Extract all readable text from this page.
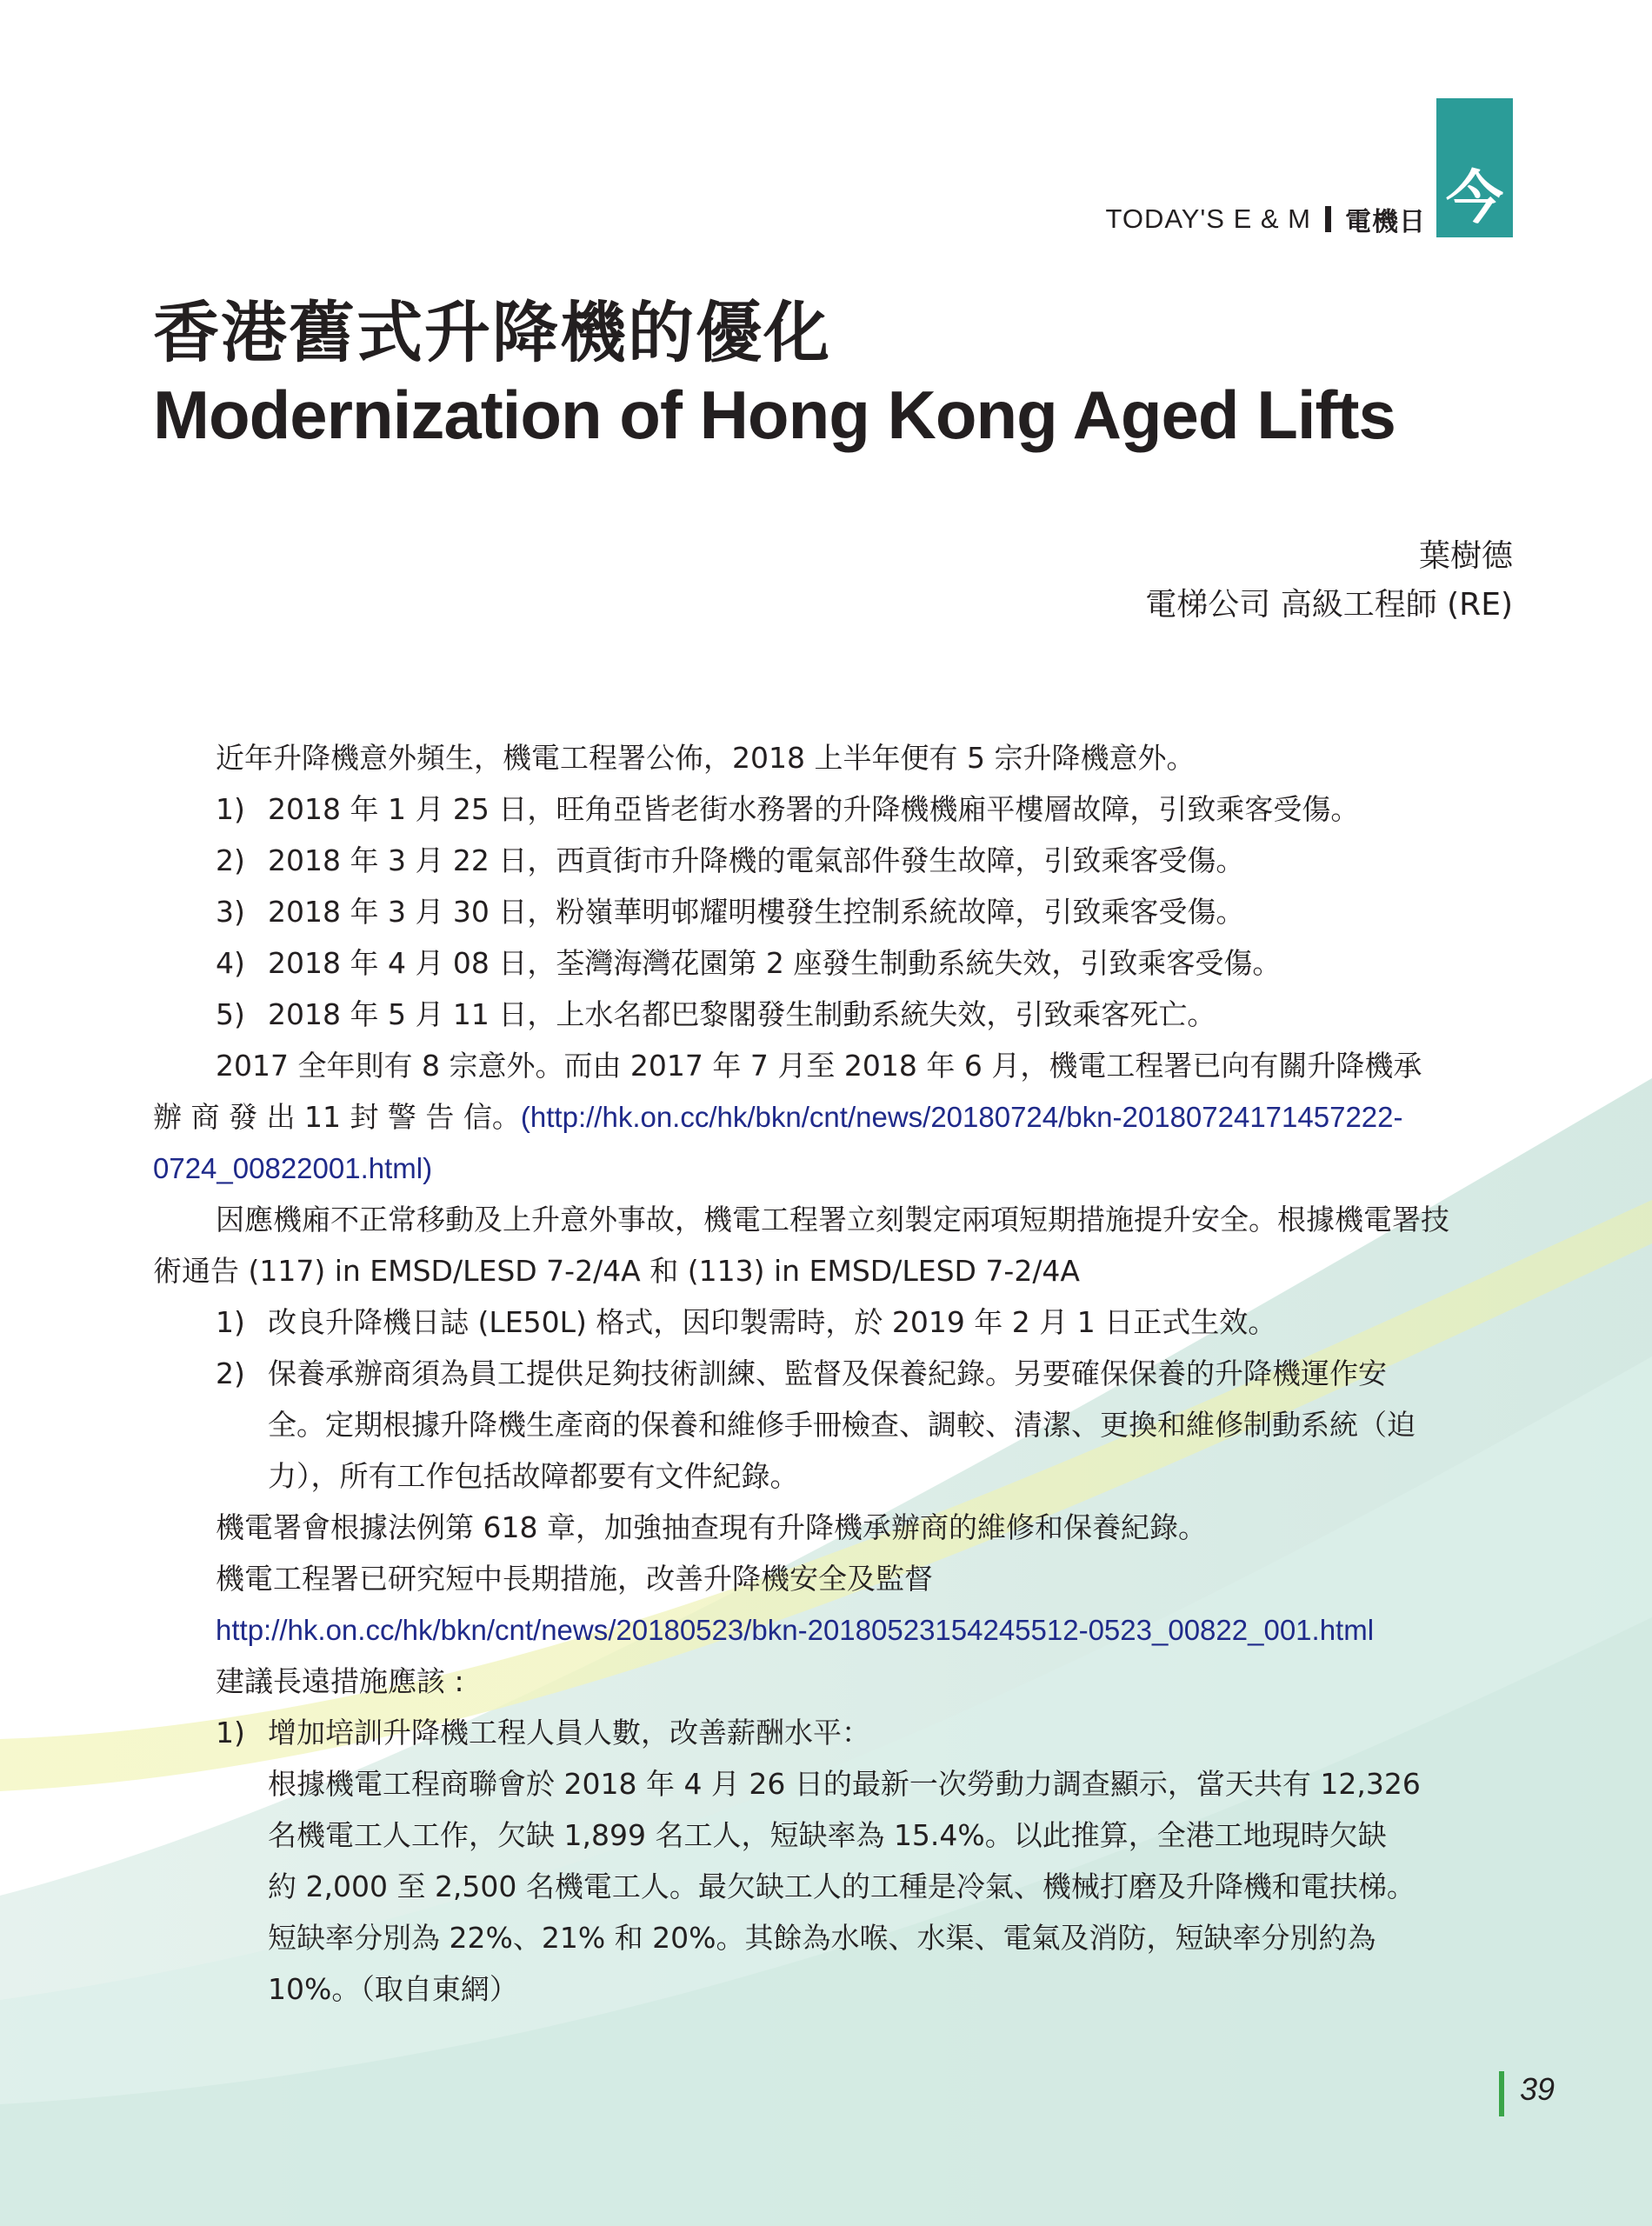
今
TODAY'S E & M 電機日
香港舊式升降機的優化
Modernization of Hong Kong Aged Lifts
葉樹德
電梯公司 高級工程師 (RE)

近年升降機意外頻生，機電工程署公佈，2018 上半年便有 5 宗升降機意外。

1) 2018 年 1 月 25 日，旺角亞皆老街水務署的升降機機廂平樓層故障，引致乘客受傷。

2) 2018 年 3 月 22 日，西貢街市升降機的電氣部件發生故障，引致乘客受傷。

3) 2018 年 3 月 30 日，粉嶺華明邨耀明樓發生控制系統故障，引致乘客受傷。

4) 2018 年 4 月 08 日，荃灣海灣花園第 2 座發生制動系統失效，引致乘客受傷。

5) 2018 年 5 月 11 日，上水名都巴黎閣發生制動系統失效，引致乘客死亡。

2017 全年則有 8 宗意外。而由 2017 年 7 月至 2018 年 6 月，機電工程署已向有關升降機承

辦 商 發 出 11 封 警 告 信。(http://hk.on.cc/hk/bkn/cnt/news/20180724/bkn-20180724171457222-

0724_00822001.html)

因應機廂不正常移動及上升意外事故，機電工程署立刻製定兩項短期措施提升安全。根據機電署技

術通告 (117) in EMSD/LESD 7-2/4A 和 (113) in EMSD/LESD 7-2/4A

1) 改良升降機日誌 (LE50L) 格式，因印製需時，於 2019 年 2 月 1 日正式生效。

2) 保養承辦商須為員工提供足夠技術訓練、監督及保養紀錄。另要確保保養的升降機運作安

全。定期根據升降機生產商的保養和維修手冊檢查、調較、清潔、更換和維修制動系統（迫

力），所有工作包括故障都要有文件紀錄。

機電署會根據法例第 618 章，加強抽查現有升降機承辦商的維修和保養紀錄。

機電工程署已研究短中長期措施，改善升降機安全及監督

http://hk.on.cc/hk/bkn/cnt/news/20180523/bkn-20180523154245512-0523_00822_001.html

建議長遠措施應該 :

1) 增加培訓升降機工程人員人數，改善薪酬水平：

根據機電工程商聯會於 2018 年 4 月 26 日的最新一次勞動力調查顯示，當天共有 12,326

名機電工人工作，欠缺 1,899 名工人，短缺率為 15.4%。以此推算，全港工地現時欠缺

約 2,000 至 2,500 名機電工人。最欠缺工人的工種是冷氣、機械打磨及升降機和電扶梯。

短缺率分別為 22%、21% 和 20%。其餘為水喉、水渠、電氣及消防，短缺率分別約為

10%。（取自東網）

39
